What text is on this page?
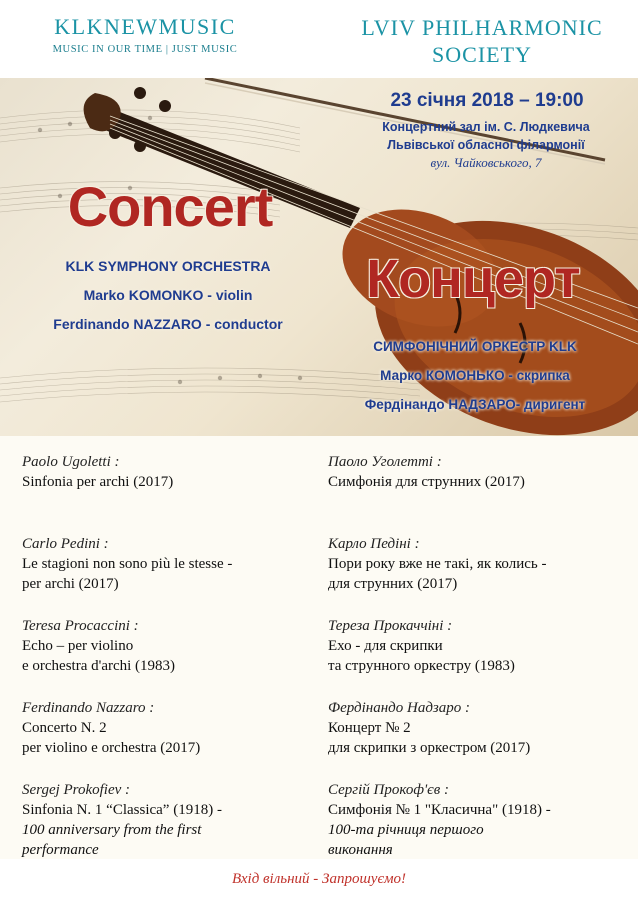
KLKNEWMUSIC
MUSIC IN OUR TIME | JUST MUSIC
LVIV PHILHARMONIC
SOCIETY
23 січня 2018 – 19:00
Концертний зал ім. С. Людкевича
Львівської обласної філармонії
вул. Чайковського, 7
Concert
KLK SYMPHONY ORCHESTRA
Marko KOMONKO - violin
Ferdinando NAZZARO - conductor
Концерт
СИМФОНІЧНИЙ ОРКЕСТР KLK
Марко КОМОНЬКО - скрипка
Фердінандо НАДЗАРО- диригент
Paolo Ugoletti :
Sinfonia per archi (2017)
Carlo Pedini :
Le stagioni non sono più le stesse -
per archi (2017)
Teresa Procaccini :
Echo – per violino
e orchestra d'archi (1983)
Ferdinando Nazzaro :
Concerto N. 2
per violino e orchestra (2017)
Sergej Prokofiev :
Sinfonia N. 1 “Classica” (1918) -
100 anniversary from the first
performance
Паоло Уголетті :
Симфонія для струнних (2017)
Карло Педіні :
Пори року вже не такі, як колись -
для струнних (2017)
Тереза Прокаччіні :
Ехо - для скрипки
та струнного оркестру (1983)
Фердінандо Надзаро :
Концерт № 2
для скрипки з оркестром (2017)
Сергій Прокоф'єв :
Симфонія № 1 "Класична" (1918) -
100-та річниця першого
виконання
Вхід вільний - Запрошуємо!
